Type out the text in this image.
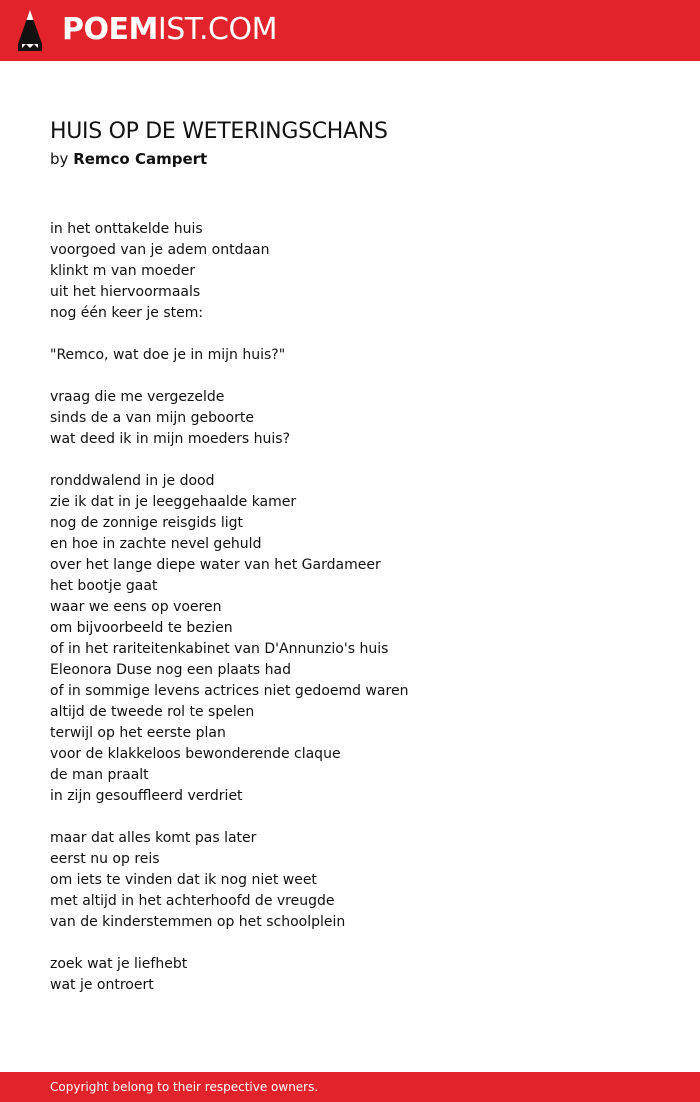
POEMIST.COM
HUIS OP DE WETERINGSCHANS
by Remco Campert
in het onttakelde huis
voorgoed van je adem ontdaan
klinkt m van moeder
uit het hiervoormaals
nog één keer je stem:
"Remco, wat doe je in mijn huis?"
vraag die me vergezelde
sinds de a van mijn geboorte
wat deed ik in mijn moeders huis?
ronddwalend in je dood
zie ik dat in je leeggehaalde kamer
nog de zonnige reisgids ligt
en hoe in zachte nevel gehuld
over het lange diepe water van het Gardameer
het bootje gaat
waar we eens op voeren
om bijvoorbeeld te bezien
of in het rariteitenkabinet van D'Annunzio's huis
Eleonora Duse nog een plaats had
of in sommige levens actrices niet gedoemd waren
altijd de tweede rol te spelen
terwijl op het eerste plan
voor de klakkeloos bewonderende claque
de man praalt
in zijn gesouffleerd verdriet
maar dat alles komt pas later
eerst nu op reis
om iets te vinden dat ik nog niet weet
met altijd in het achterhoofd de vreugde
van de kinderstemmen op het schoolplein
zoek wat je liefhebt
wat je ontroert
Copyright belong to their respective owners.
